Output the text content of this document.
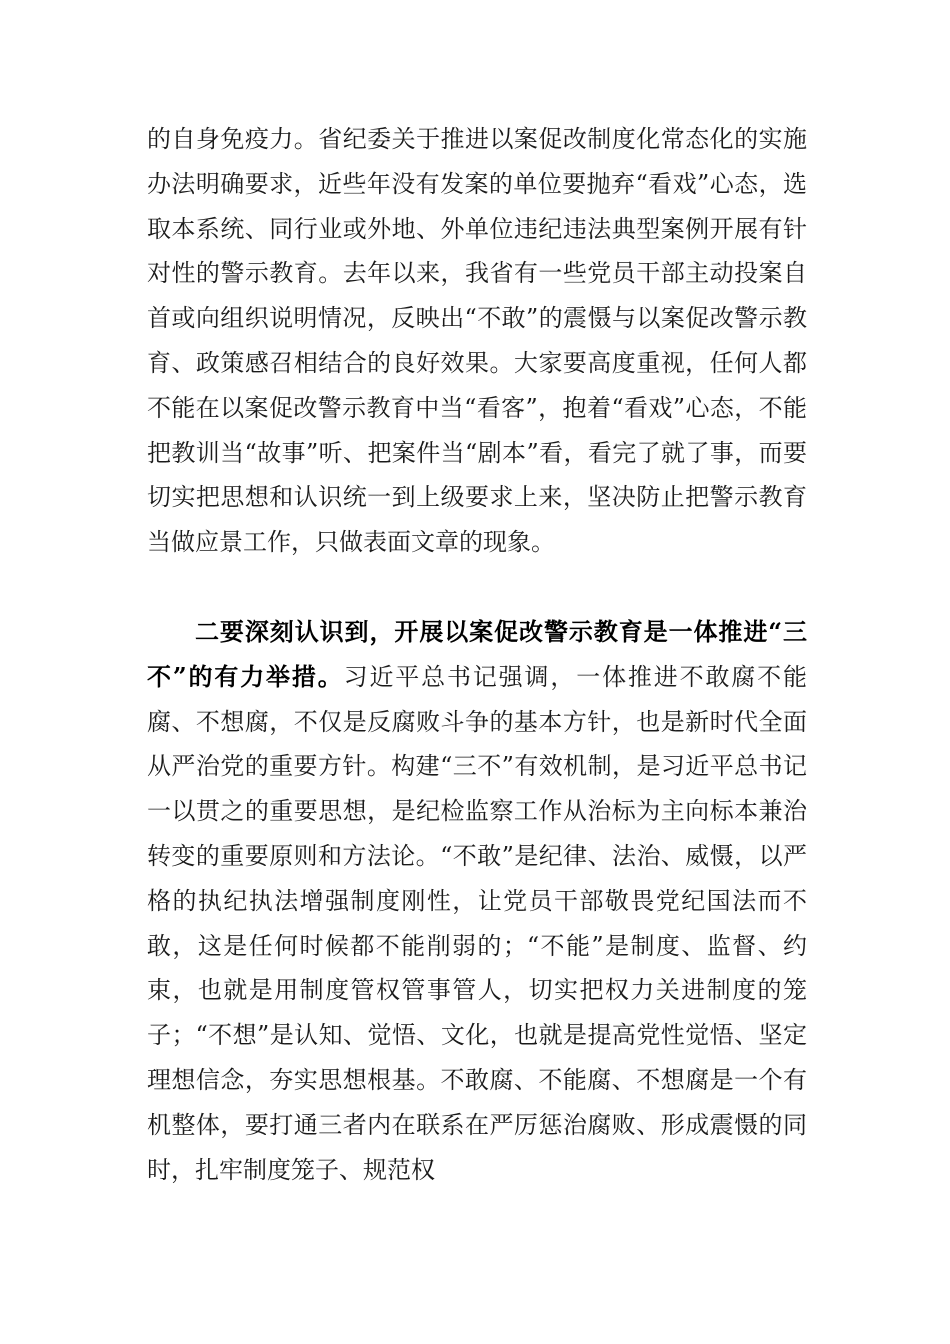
的自身免疫力。省纪委关于推进以案促改制度化常态化的实施办法明确要求，近些年没有发案的单位要抛弃“看戏”心态，选取本系统、同行业或外地、外单位违纪违法典型案例开展有针对性的警示教育。去年以来，我省有一些党员干部主动投案自首或向组织说明情况，反映出“不敢”的震慑与以案促改警示教育、政策感召相结合的良好效果。大家要高度重视，任何人都不能在以案促改警示教育中当“看客”，抱着“看戏”心态，不能把教训当“故事”听、把案件当“剧本”看，看完了就了事，而要切实把思想和认识统一到上级要求上来，坚决防止把警示教育当做应景工作，只做表面文章的现象。
二要深刻认识到，开展以案促改警示教育是一体推进“三不”的有力举措。习近平总书记强调，一体推进不敢腐不能腐、不想腐，不仅是反腐败斗争的基本方针，也是新时代全面从严治党的重要方针。构建“三不”有效机制，是习近平总书记一以贯之的重要思想，是纪检监察工作从治标为主向标本兼治转变的重要原则和方法论。“不敢”是纪律、法治、威慑，以严格的执纪执法增强制度刚性，让党员干部敬畏党纪国法而不敢，这是任何时候都不能削弱的；“不能”是制度、监督、约束，也就是用制度管权管事管人，切实把权力关进制度的笼子；“不想”是认知、觉悟、文化，也就是提高党性觉悟、坚定理想信念，夯实思想根基。不敢腐、不能腐、不想腐是一个有机整体，要打通三者内在联系在严厉惩治腐败、形成震慑的同时，扎牢制度笼子、规范权
